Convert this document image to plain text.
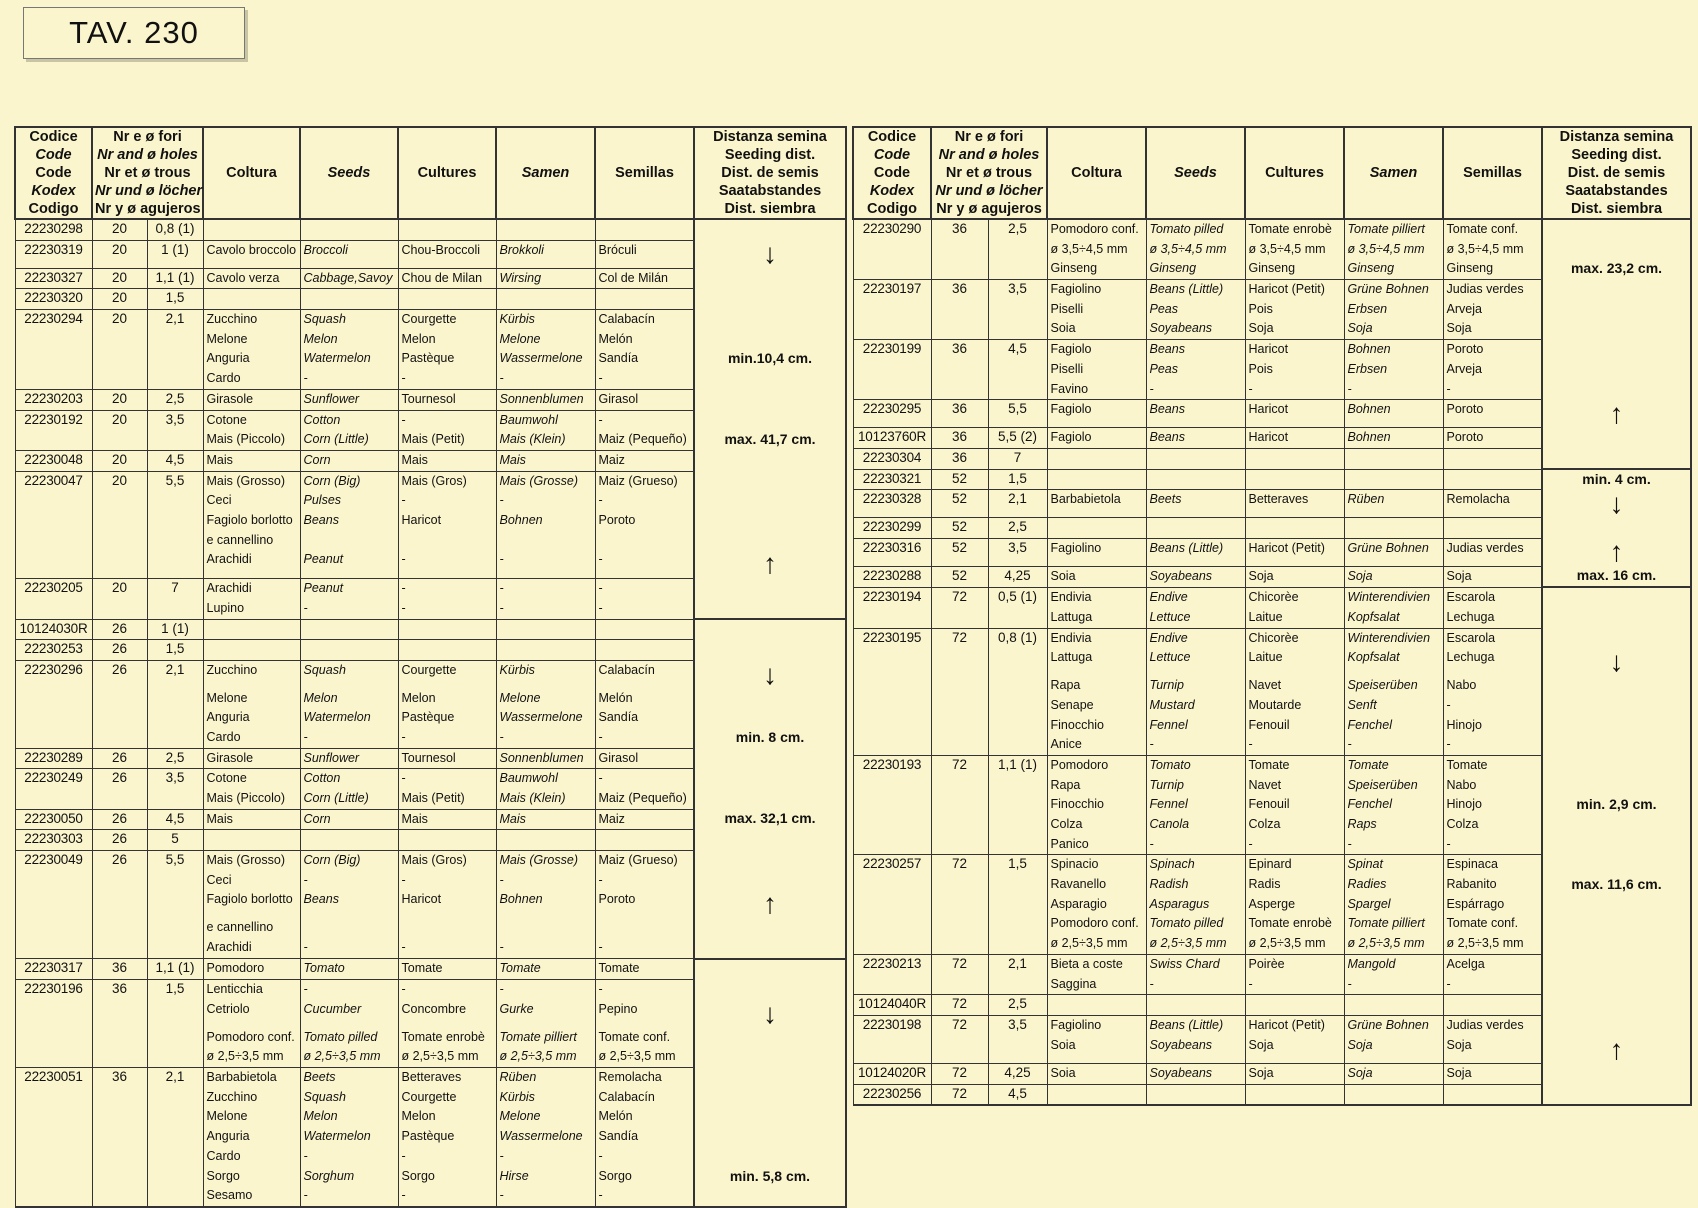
TAV. 230
Codice
Code
Code
Kodex
Codigo	Nr e ø fori
Nr and ø holes
Nr et ø trous
Nr und ø löcher
Nr y ø agujeros		Coltura	Seeds	Cultures	Samen	Semillas	Distanza semina
Seeding dist.
Dist. de semis
Saatabstandes
Dist. siembra

22230298	20	0,8 (1)						
22230319	20	1 (1)	Cavolo broccolo	Broccoli	Chou-Broccoli	Brokkoli	Bróculi	↓
22230327	20	1,1 (1)	Cavolo verza	Cabbage,Savoy	Chou de Milan	Wirsing	Col de Milán	
22230320	20	1,5						
22230294	20	2,1	Zucchino	Squash	Courgette	Kürbis	Calabacín	
			Melone	Melon	Melon	Melone	Melón	
			Anguria	Watermelon	Pastèque	Wassermelone	Sandía	min.10,4 cm.
			Cardo	-	-	-	-	
22230203	20	2,5	Girasole	Sunflower	Tournesol	Sonnenblumen	Girasol	
22230192	20	3,5	Cotone	Cotton	-	Baumwohl	-	
			Mais (Piccolo)	Corn (Little)	Mais (Petit)	Mais (Klein)	Maiz (Pequeño)	max. 41,7 cm.
22230048	20	4,5	Mais	Corn	Mais	Mais	Maiz	
22230047	20	5,5	Mais (Grosso)	Corn (Big)	Mais (Gros)	Mais (Grosse)	Maiz (Grueso)	
			Ceci	Pulses	-	-	-	
			Fagiolo borlotto	Beans	Haricot	Bohnen	Poroto	
			e cannellino					
			Arachidi	Peanut	-	-	-	↑
22230205	20	7	Arachidi	Peanut	-	-	-	
			Lupino	-	-	-	-	
10124030R	26	1 (1)						
22230253	26	1,5						
22230296	26	2,1	Zucchino	Squash	Courgette	Kürbis	Calabacín	↓
			Melone	Melon	Melon	Melone	Melón	
			Anguria	Watermelon	Pastèque	Wassermelone	Sandía	
			Cardo	-	-	-	-	min. 8 cm.
22230289	26	2,5	Girasole	Sunflower	Tournesol	Sonnenblumen	Girasol	
22230249	26	3,5	Cotone	Cotton	-	Baumwohl	-	
			Mais (Piccolo)	Corn (Little)	Mais (Petit)	Mais (Klein)	Maiz (Pequeño)	
22230050	26	4,5	Mais	Corn	Mais	Mais	Maiz	max. 32,1 cm.
22230303	26	5						
22230049	26	5,5	Mais (Grosso)	Corn (Big)	Mais (Gros)	Mais (Grosse)	Maiz (Grueso)	
			Ceci	-	-	-	-	
			Fagiolo borlotto	Beans	Haricot	Bohnen	Poroto	↑
			e cannellino					
			Arachidi	-	-	-	-	
22230317	36	1,1 (1)	Pomodoro	Tomato	Tomate	Tomate	Tomate	
22230196	36	1,5	Lenticchia	-	-	-	-	
			Cetriolo	Cucumber	Concombre	Gurke	Pepino	↓
			Pomodoro conf.	Tomato pilled	Tomate enrobè	Tomate pilliert	Tomate conf.	
			ø 2,5÷3,5 mm	ø 2,5÷3,5 mm	ø 2,5÷3,5 mm	ø 2,5÷3,5 mm	ø 2,5÷3,5 mm	
22230051	36	2,1	Barbabietola	Beets	Betteraves	Rüben	Remolacha	
			Zucchino	Squash	Courgette	Kürbis	Calabacín	
			Melone	Melon	Melon	Melone	Melón	
			Anguria	Watermelon	Pastèque	Wassermelone	Sandía	
			Cardo	-	-	-	-	
			Sorgo	Sorghum	Sorgo	Hirse	Sorgo	min. 5,8 cm.
			Sesamo	-	-	-	-	
Codice
Code
Code
Kodex
Codigo	Nr e ø fori
Nr and ø holes
Nr et ø trous
Nr und ø löcher
Nr y ø agujeros		Coltura	Seeds	Cultures	Samen	Semillas	Distanza semina
Seeding dist.
Dist. de semis
Saatabstandes
Dist. siembra

22230290	36	2,5	Pomodoro conf.	Tomato pilled	Tomate enrobè	Tomate pilliert	Tomate conf.	
			ø 3,5÷4,5 mm	ø 3,5÷4,5 mm	ø 3,5÷4,5 mm	ø 3,5÷4,5 mm	ø 3,5÷4,5 mm	
			Ginseng	Ginseng	Ginseng	Ginseng	Ginseng	max. 23,2 cm.
22230197	36	3,5	Fagiolino	Beans (Little)	Haricot (Petit)	Grüne Bohnen	Judias verdes	
			Piselli	Peas	Pois	Erbsen	Arveja	
			Soia	Soyabeans	Soja	Soja	Soja	
22230199	36	4,5	Fagiolo	Beans	Haricot	Bohnen	Poroto	
			Piselli	Peas	Pois	Erbsen	Arveja	
			Favino	-	-	-	-	
22230295	36	5,5	Fagiolo	Beans	Haricot	Bohnen	Poroto	↑
10123760R	36	5,5 (2)	Fagiolo	Beans	Haricot	Bohnen	Poroto	
22230304	36	7						
22230321	52	1,5						min. 4 cm.
22230328	52	2,1	Barbabietola	Beets	Betteraves	Rüben	Remolacha	↓
22230299	52	2,5						
22230316	52	3,5	Fagiolino	Beans (Little)	Haricot (Petit)	Grüne Bohnen	Judias verdes	↑
22230288	52	4,25	Soia	Soyabeans	Soja	Soja	Soja	max. 16 cm.
22230194	72	0,5 (1)	Endivia	Endive	Chicorèe	Winterendivien	Escarola	
			Lattuga	Lettuce	Laitue	Kopfsalat	Lechuga	
22230195	72	0,8 (1)	Endivia	Endive	Chicorèe	Winterendivien	Escarola	
			Lattuga	Lettuce	Laitue	Kopfsalat	Lechuga	↓
			Rapa	Turnip	Navet	Speiserüben	Nabo	
			Senape	Mustard	Moutarde	Senft	-	
			Finocchio	Fennel	Fenouil	Fenchel	Hinojo	
			Anice	-	-	-	-	
22230193	72	1,1 (1)	Pomodoro	Tomato	Tomate	Tomate	Tomate	
			Rapa	Turnip	Navet	Speiserüben	Nabo	
			Finocchio	Fennel	Fenouil	Fenchel	Hinojo	min. 2,9 cm.
			Colza	Canola	Colza	Raps	Colza	
			Panico	-	-	-	-	
22230257	72	1,5	Spinacio	Spinach	Epinard	Spinat	Espinaca	
			Ravanello	Radish	Radis	Radies	Rabanito	max. 11,6 cm.
			Asparagio	Asparagus	Asperge	Spargel	Espárrago	
			Pomodoro conf.	Tomato pilled	Tomate enrobè	Tomate pilliert	Tomate conf.	
			ø 2,5÷3,5 mm	ø 2,5÷3,5 mm	ø 2,5÷3,5 mm	ø 2,5÷3,5 mm	ø 2,5÷3,5 mm	
22230213	72	2,1	Bieta a coste	Swiss Chard	Poirèe	Mangold	Acelga	
			Saggina	-	-	-	-	
10124040R	72	2,5						
22230198	72	3,5	Fagiolino	Beans (Little)	Haricot (Petit)	Grüne Bohnen	Judias verdes	
			Soia	Soyabeans	Soja	Soja	Soja	↑
10124020R	72	4,25	Soia	Soyabeans	Soja	Soja	Soja	
22230256	72	4,5						
